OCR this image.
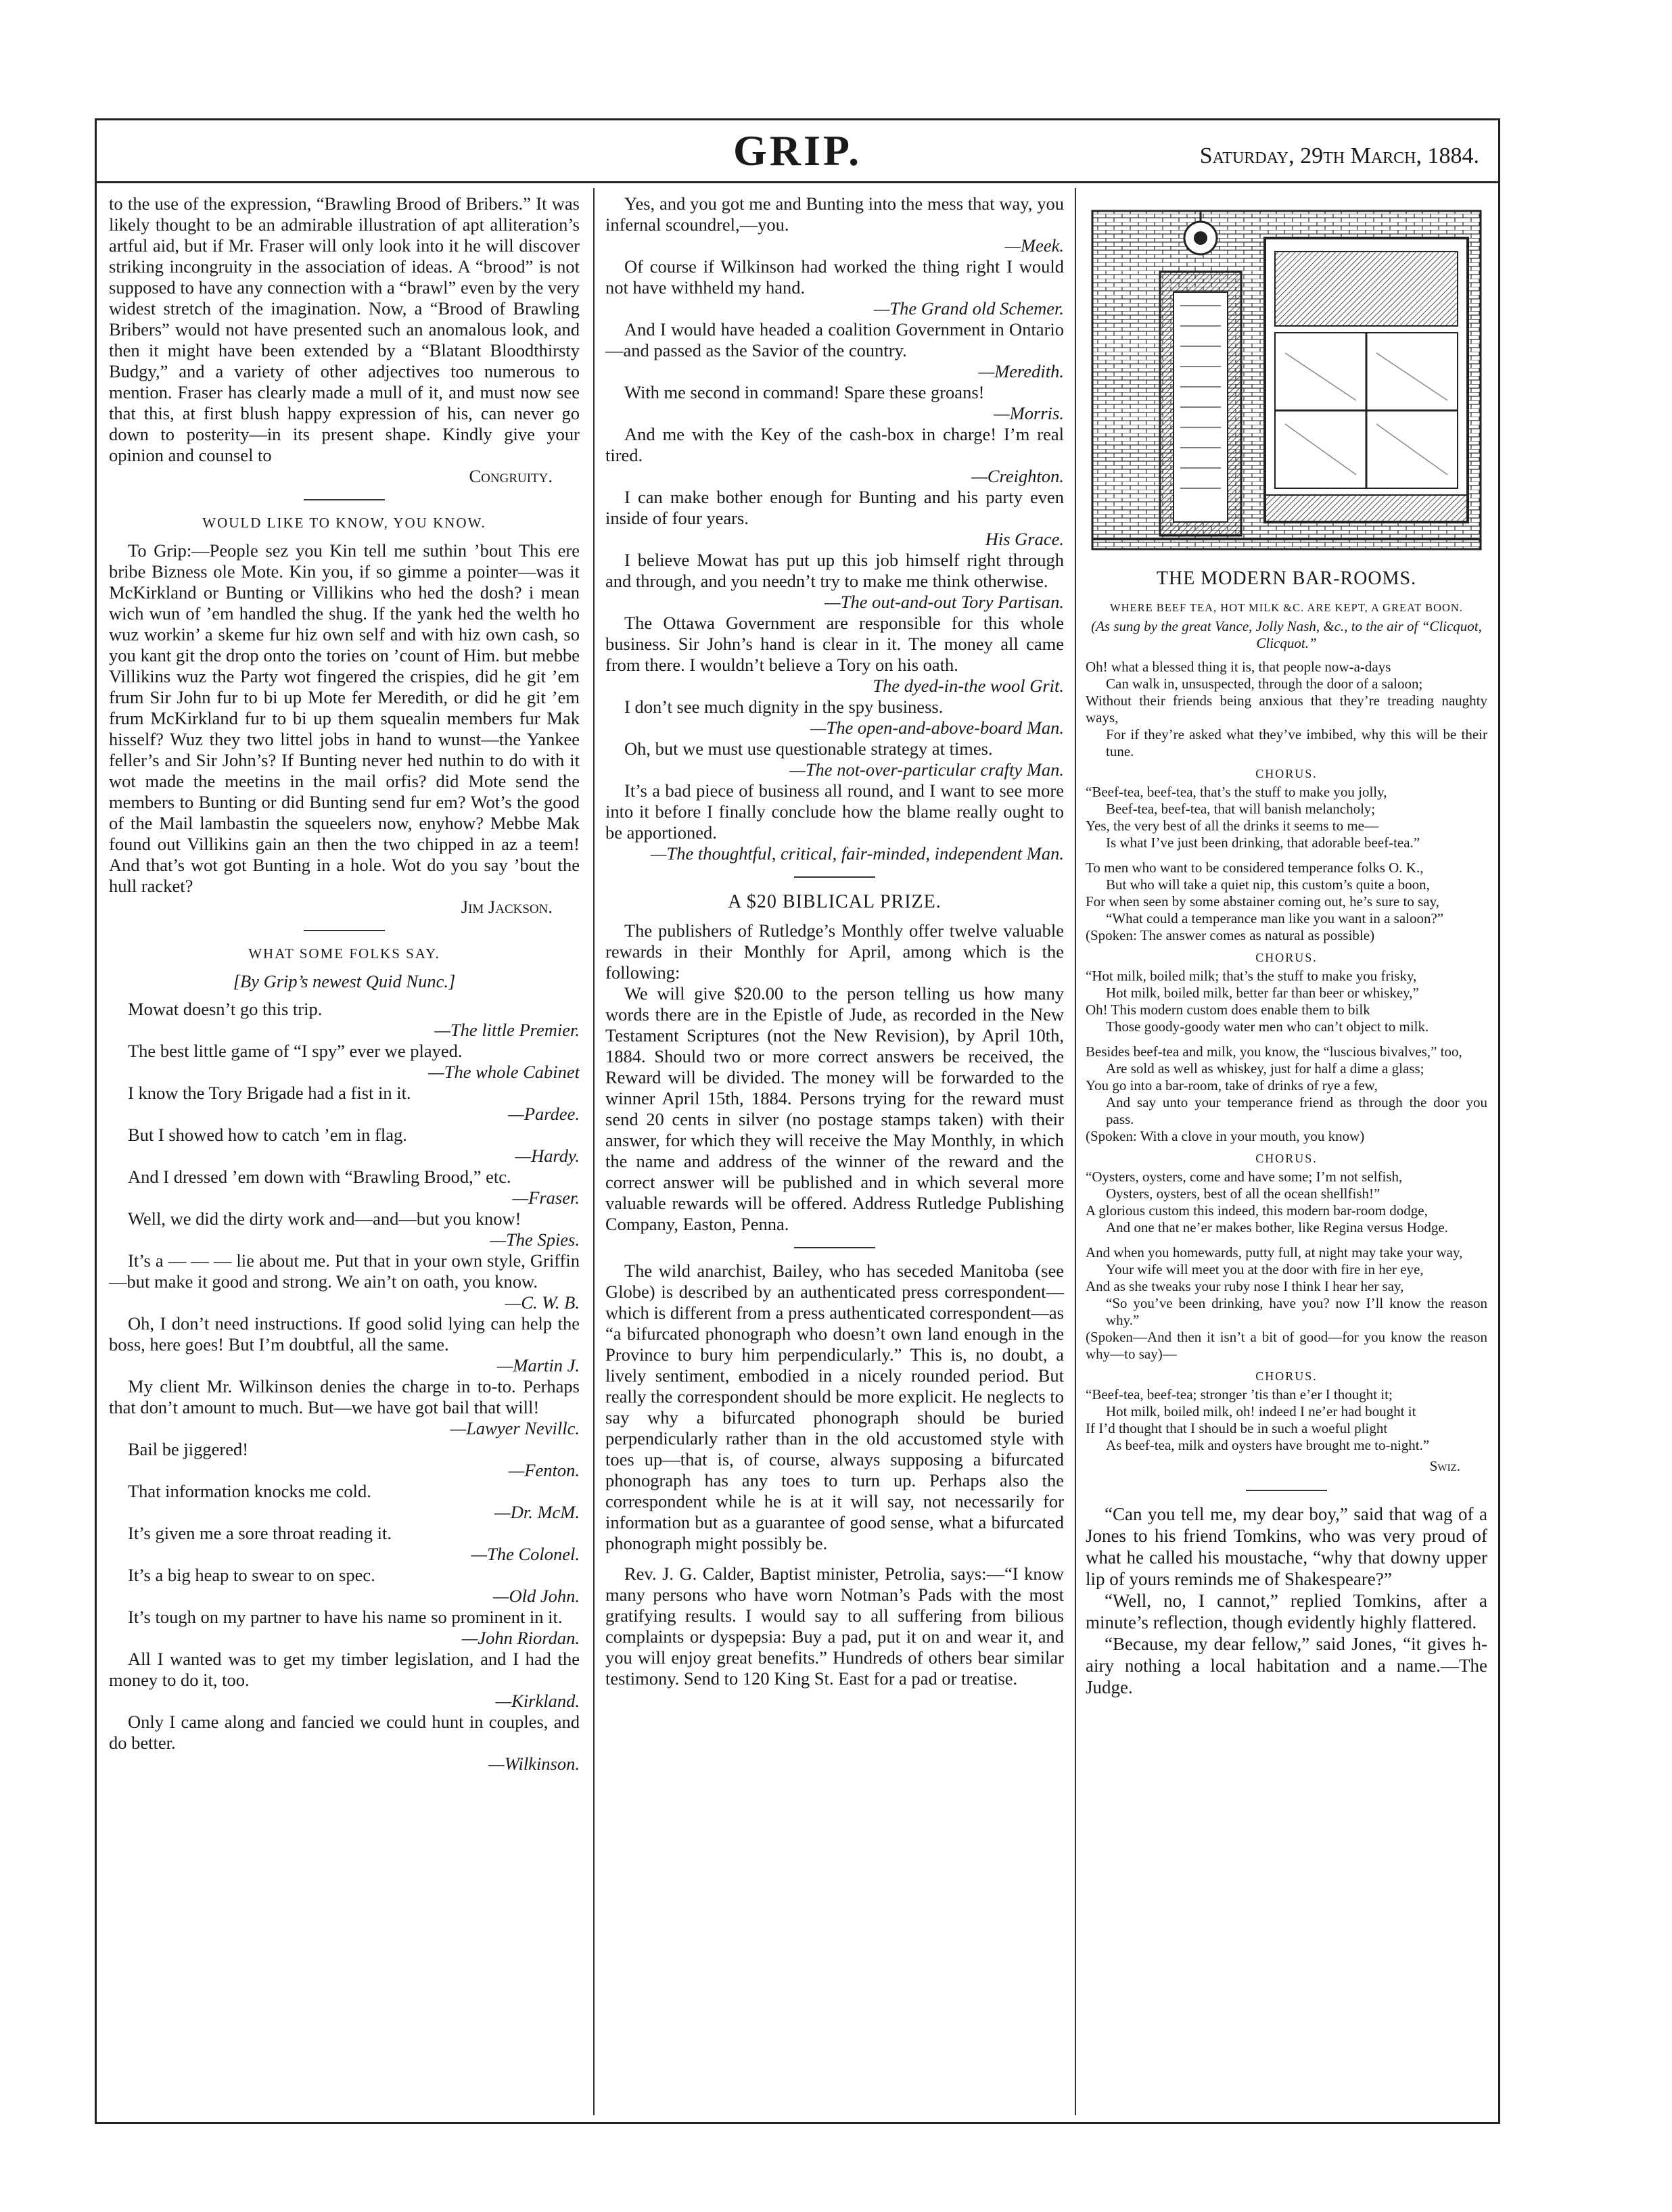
GRIP.	Saturday, 29th March, 1884.

to the use of the expression, “Brawling Brood of Bribers.” It was likely thought to be an admirable illustration of apt alliteration’s artful aid, but if Mr. Fraser will only look into it he will discover striking incongruity in the association of ideas. A “brood” is not supposed to have any connection with a “brawl” even by the very widest stretch of the imagination. Now, a “Brood of Brawling Bribers” would not have presented such an anomalous look, and then it might have been extended by a “Blatant Bloodthirsty Budgy,” and a variety of other adjectives too numerous to mention. Fraser has clearly made a mull of it, and must now see that this, at first blush happy expression of his, can never go down to posterity—in its present shape. Kindly give your opinion and counsel to

Congruity.
WOULD LIKE TO KNOW, YOU KNOW.

To Grip:—People sez you Kin tell me suthin ’bout This ere bribe Bizness ole Mote. Kin you, if so gimme a pointer—was it McKirkland or Bunting or Villikins who hed the dosh? i mean wich wun of ’em handled the shug. If the yank hed the welth ho wuz workin’ a skeme fur hiz own self and with hiz own cash, so you kant git the drop onto the tories on ’count of Him. but mebbe Villikins wuz the Party wot fingered the crispies, did he git ’em frum Sir John fur to bi up Mote fer Meredith, or did he git ’em frum McKirkland fur to bi up them squealin members fur Mak hisself? Wuz they two littel jobs in hand to wunst—the Yankee feller’s and Sir John’s? If Bunting never hed nuthin to do with it wot made the meetins in the mail orfis? did Mote send the members to Bunting or did Bunting send fur em? Wot’s the good of the Mail lambastin the squeelers now, enyhow? Mebbe Mak found out Villikins gain an then the two chipped in az a teem! And that’s wot got Bunting in a hole. Wot do you say ’bout the hull racket?

Jim Jackson.
WHAT SOME FOLKS SAY.
[By Grip’s newest Quid Nunc.]

Mowat doesn’t go this trip.

—The little Premier.

The best little game of “I spy” ever we played.

—The whole Cabinet

I know the Tory Brigade had a fist in it.

—Pardee.

But I showed how to catch ’em in flag.

—Hardy.

And I dressed ’em down with “Brawling Brood,” etc.

—Fraser.

Well, we did the dirty work and—and—but you know!

—The Spies.

It’s a — — — lie about me. Put that in your own style, Griffin—but make it good and strong. We ain’t on oath, you know.

—C. W. B.

Oh, I don’t need instructions. If good solid lying can help the boss, here goes! But I’m doubtful, all the same.

—Martin J.

My client Mr. Wilkinson denies the charge in to-to. Perhaps that don’t amount to much. But—we have got bail that will!

—Lawyer Nevillc.

Bail be jiggered!

—Fenton.

That information knocks me cold.

—Dr. McM.

It’s given me a sore throat reading it.

—The Colonel.

It’s a big heap to swear to on spec.

—Old John.

It’s tough on my partner to have his name so prominent in it.

—John Riordan.

All I wanted was to get my timber legislation, and I had the money to do it, too.

—Kirkland.

Only I came along and fancied we could hunt in couples, and do better.

—Wilkinson.

Yes, and you got me and Bunting into the mess that way, you infernal scoundrel,—you.

—Meek.

Of course if Wilkinson had worked the thing right I would not have withheld my hand.

—The Grand old Schemer.

And I would have headed a coalition Government in Ontario—and passed as the Savior of the country.

—Meredith.

With me second in command! Spare these groans!

—Morris.

And me with the Key of the cash-box in charge! I’m real tired.

—Creighton.

I can make bother enough for Bunting and his party even inside of four years.

His Grace.

I believe Mowat has put up this job himself right through and through, and you needn’t try to make me think otherwise.

—The out-and-out Tory Partisan.

The Ottawa Government are responsible for this whole business. Sir John’s hand is clear in it. The money all came from there. I wouldn’t believe a Tory on his oath.

The dyed-in-the wool Grit.

I don’t see much dignity in the spy business.

—The open-and-above-board Man.

Oh, but we must use questionable strategy at times.

—The not-over-particular crafty Man.

It’s a bad piece of business all round, and I want to see more into it before I finally conclude how the blame really ought to be apportioned.

—The thoughtful, critical, fair-minded, independent Man.
A $20 BIBLICAL PRIZE.

The publishers of Rutledge’s Monthly offer twelve valuable rewards in their Monthly for April, among which is the following:

We will give $20.00 to the person telling us how many words there are in the Epistle of Jude, as recorded in the New Testament Scriptures (not the New Revision), by April 10th, 1884. Should two or more correct answers be received, the Reward will be divided. The money will be forwarded to the winner April 15th, 1884. Persons trying for the reward must send 20 cents in silver (no postage stamps taken) with their answer, for which they will receive the May Monthly, in which the name and address of the winner of the reward and the correct answer will be published and in which several more valuable rewards will be offered. Address Rutledge Publishing Company, Easton, Penna.

The wild anarchist, Bailey, who has seceded Manitoba (see Globe) is described by an authenticated press correspondent—which is different from a press authenticated correspondent—as “a bifurcated phonograph who doesn’t own land enough in the Province to bury him perpendicularly.” This is, no doubt, a lively sentiment, embodied in a nicely rounded period. But really the correspondent should be more explicit. He neglects to say why a bifurcated phonograph should be buried perpendicularly rather than in the old accustomed style with toes up—that is, of course, always supposing a bifurcated phonograph has any toes to turn up. Perhaps also the correspondent while he is at it will say, not necessarily for information but as a guarantee of good sense, what a bifurcated phonograph might possibly be.

Rev. J. G. Calder, Baptist minister, Petrolia, says:—“I know many persons who have worn Notman’s Pads with the most gratifying results. I would say to all suffering from bilious complaints or dyspepsia: Buy a pad, put it on and wear it, and you will enjoy great benefits.” Hundreds of others bear similar testimony. Send to 120 King St. East for a pad or treatise.

THE MODERN BAR-ROOMS.
WHERE BEEF TEA, HOT MILK &C. ARE KEPT, A GREAT BOON.
(As sung by the great Vance, Jolly Nash, &c., to the air of “Clicquot, Clicquot.”

Oh! what a blessed thing it is, that people now-a-days

Can walk in, unsuspected, through the door of a saloon;

Without their friends being anxious that they’re treading naughty ways,

For if they’re asked what they’ve imbibed, why this will be their tune.

CHORUS.

“Beef-tea, beef-tea, that’s the stuff to make you jolly,

Beef-tea, beef-tea, that will banish melancholy;

Yes, the very best of all the drinks it seems to me—

Is what I’ve just been drinking, that adorable beef-tea.”

To men who want to be considered temperance folks O. K.,

But who will take a quiet nip, this custom’s quite a boon,

For when seen by some abstainer coming out, he’s sure to say,

“What could a temperance man like you want in a saloon?”

(Spoken: The answer comes as natural as possible)

CHORUS.

“Hot milk, boiled milk; that’s the stuff to make you frisky,

Hot milk, boiled milk, better far than beer or whiskey,”

Oh! This modern custom does enable them to bilk

Those goody-goody water men who can’t object to milk.

Besides beef-tea and milk, you know, the “luscious bivalves,” too,

Are sold as well as whiskey, just for half a dime a glass;

You go into a bar-room, take of drinks of rye a few,

And say unto your temperance friend as through the door you pass.

(Spoken: With a clove in your mouth, you know)

CHORUS.

“Oysters, oysters, come and have some; I’m not selfish,

Oysters, oysters, best of all the ocean shellfish!”

A glorious custom this indeed, this modern bar-room dodge,

And one that ne’er makes bother, like Regina versus Hodge.

And when you homewards, putty full, at night may take your way,

Your wife will meet you at the door with fire in her eye,

And as she tweaks your ruby nose I think I hear her say,

“So you’ve been drinking, have you? now I’ll know the reason why.”

(Spoken—And then it isn’t a bit of good—for you know the reason why—to say)—

CHORUS.

“Beef-tea, beef-tea; stronger ’tis than e’er I thought it;

Hot milk, boiled milk, oh! indeed I ne’er had bought it

If I’d thought that I should be in such a woeful plight

As beef-tea, milk and oysters have brought me to-night.”

Swiz.

“Can you tell me, my dear boy,” said that wag of a Jones to his friend Tomkins, who was very proud of what he called his moustache, “why that downy upper lip of yours reminds me of Shakespeare?”

“Well, no, I cannot,” replied Tomkins, after a minute’s reflection, though evidently highly flattered.

“Because, my dear fellow,” said Jones, “it gives h-airy nothing a local habitation and a name.—The Judge.
